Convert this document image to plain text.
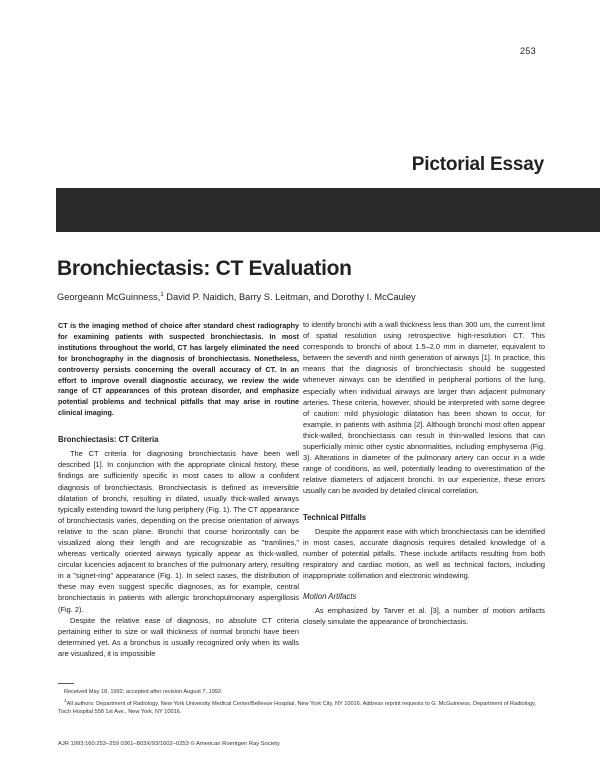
253
Pictorial Essay
Bronchiectasis: CT Evaluation
Georgeann McGuinness,$^1$ David P. Naidich, Barry S. Leitman, and Dorothy I. McCauley

CT is the imaging method of choice after standard chest radiography for examining patients with suspected bronchiectasis. In most institutions throughout the world, CT has largely eliminated the need for bronchography in the diagnosis of bronchiectasis. Nonetheless, controversy persists concerning the overall accuracy of CT. In an effort to improve overall diagnostic accuracy, we review the wide range of CT appearances of this protean disorder, and emphasize potential problems and technical pitfalls that may arise in routine clinical imaging.

Bronchiectasis: CT Criteria

The CT criteria for diagnosing bronchiectasis have been well described [1]. In conjunction with the appropriate clinical history, these findings are sufficiently specific in most cases to allow a confident diagnosis of bronchiectasis. Bronchiectasis is defined as irreversible dilatation of bronchi, resulting in dilated, usually thick-walled airways typically extending toward the lung periphery (Fig. 1). The CT appearance of bronchiectasis varies, depending on the precise orientation of airways relative to the scan plane. Bronchi that course horizontally can be visualized along their length and are recognizable as "tramlines," whereas vertically oriented airways typically appear as thick-walled, circular lucencies adjacent to branches of the pulmonary artery, resulting in a "signet-ring" appearance (Fig. 1). In select cases, the distribution of these may even suggest specific diagnoses, as for example, central bronchiectasis in patients with allergic bronchopulmonary aspergillosis (Fig. 2).

Despite the relative ease of diagnosis, no absolute CT criteria pertaining either to size or wall thickness of normal bronchi have been determined yet. As a bronchus is usually recognized only when its walls are visualized, it is impossible

to identify bronchi with a wall thickness less than 300 um, the current limit of spatial resolution using retrospective high-resolution CT. This corresponds to bronchi of about 1.5–2.0 mm in diameter, equivalent to between the seventh and ninth generation of airways [1]. In practice, this means that the diagnosis of bronchiectasis should be suggested whenever airways can be identified in peripheral portions of the lung, especially when individual airways are larger than adjacent pulmonary arteries. These criteria, however, should be interpreted with some degree of caution: mild physiologic dilatation has been shown to occur, for example, in patients with asthma [2]. Although bronchi most often appear thick-walled, bronchiectasis can result in thin-walled lesions that can superficially mimic other cystic abnormalities, including emphysema (Fig. 3). Alterations in diameter of the pulmonary artery can occur in a wide range of conditions, as well, potentially leading to overestimation of the relative diameters of adjacent bronchi. In our experience, these errors usually can be avoided by detailed clinical correlation.

Technical Pitfalls

Despite the apparent ease with which bronchiectasis can be identified in most cases, accurate diagnosis requires detailed knowledge of a number of potential pitfalls. These include artifacts resulting from both respiratory and cardiac motion, as well as technical factors, including inappropriate collimation and electronic windowing.

Motion Artifacts

As emphasized by Tarver et al. [3], a number of motion artifacts closely simulate the appearance of bronchiectasis.

Received May 18, 1992; accepted after revision August 7, 1992.

$^1$All authors: Department of Radiology, New York University Medical Center/Bellevue Hospital, New York City, NY 10016. Address reprint requests to G. McGuinness, Department of Radiology, Tisch Hospital 558 1st Ave., New York, NY 10016.

AJR 1993;160:253–259 0361–803X/93/1602–0253 © American Roentgen Ray Society
